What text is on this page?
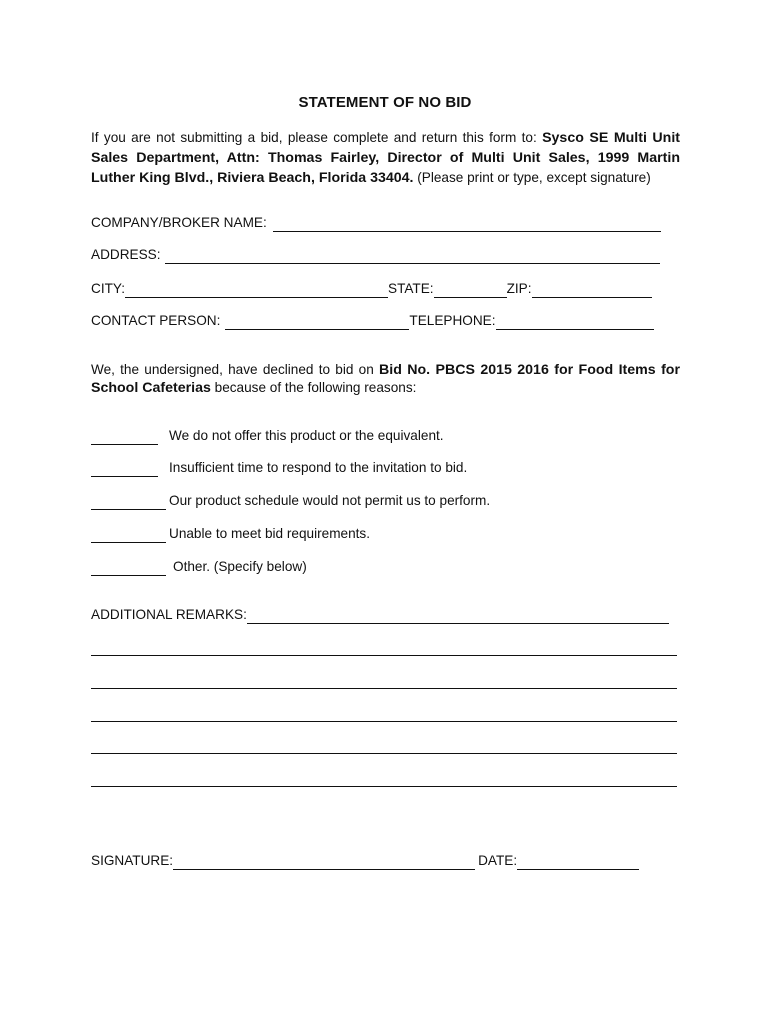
STATEMENT OF NO BID
If you are not submitting a bid, please complete and return this form to: Sysco SE Multi Unit Sales Department, Attn: Thomas Fairley, Director of Multi Unit Sales, 1999 Martin Luther King Blvd., Riviera Beach, Florida 33404. (Please print or type, except signature)
COMPANY/BROKER NAME:
ADDRESS:
CITY:	STATE:	ZIP:
CONTACT PERSON:	TELEPHONE:
We, the undersigned, have declined to bid on Bid No. PBCS 2015 2016 for Food Items for School Cafeterias because of the following reasons:
We do not offer this product or the equivalent.
Insufficient time to respond to the invitation to bid.
Our product schedule would not permit us to perform.
Unable to meet bid requirements.
Other. (Specify below)
ADDITIONAL REMARKS:
SIGNATURE:	DATE:
